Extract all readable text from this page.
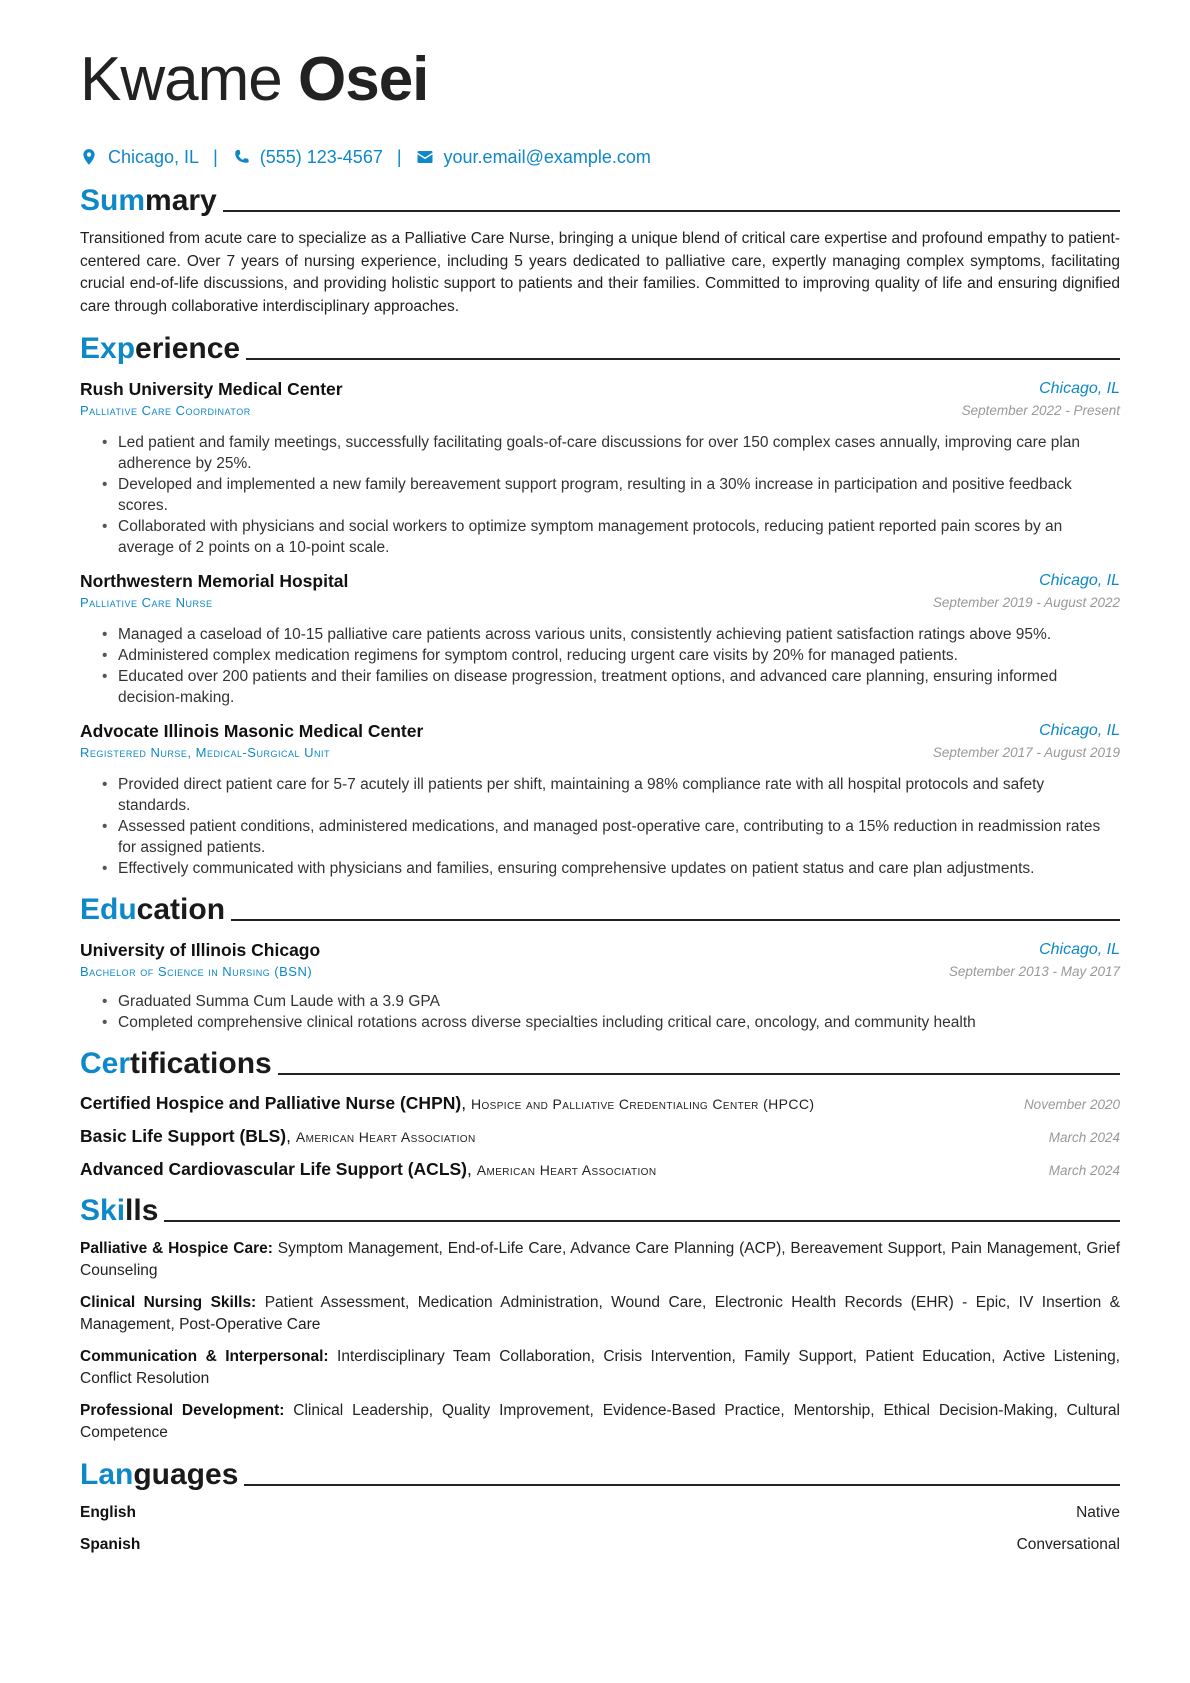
Kwame Osei
Chicago, IL | (555) 123-4567 | your.email@example.com
Summary
Transitioned from acute care to specialize as a Palliative Care Nurse, bringing a unique blend of critical care expertise and profound empathy to patient-centered care. Over 7 years of nursing experience, including 5 years dedicated to palliative care, expertly managing complex symptoms, facilitating crucial end-of-life discussions, and providing holistic support to patients and their families. Committed to improving quality of life and ensuring dignified care through collaborative interdisciplinary approaches.
Experience
Rush University Medical Center	Chicago, IL
Palliative Care Coordinator	September 2022 - Present
• Led patient and family meetings, successfully facilitating goals-of-care discussions for over 150 complex cases annually, improving care plan adherence by 25%.
• Developed and implemented a new family bereavement support program, resulting in a 30% increase in participation and positive feedback scores.
• Collaborated with physicians and social workers to optimize symptom management protocols, reducing patient reported pain scores by an average of 2 points on a 10-point scale.
Northwestern Memorial Hospital	Chicago, IL
Palliative Care Nurse	September 2019 - August 2022
• Managed a caseload of 10-15 palliative care patients across various units, consistently achieving patient satisfaction ratings above 95%.
• Administered complex medication regimens for symptom control, reducing urgent care visits by 20% for managed patients.
• Educated over 200 patients and their families on disease progression, treatment options, and advanced care planning, ensuring informed decision-making.
Advocate Illinois Masonic Medical Center	Chicago, IL
Registered Nurse, Medical-Surgical Unit	September 2017 - August 2019
• Provided direct patient care for 5-7 acutely ill patients per shift, maintaining a 98% compliance rate with all hospital protocols and safety standards.
• Assessed patient conditions, administered medications, and managed post-operative care, contributing to a 15% reduction in readmission rates for assigned patients.
• Effectively communicated with physicians and families, ensuring comprehensive updates on patient status and care plan adjustments.
Education
University of Illinois Chicago	Chicago, IL
Bachelor of Science in Nursing (BSN)	September 2013 - May 2017
• Graduated Summa Cum Laude with a 3.9 GPA
• Completed comprehensive clinical rotations across diverse specialties including critical care, oncology, and community health
Certifications
Certified Hospice and Palliative Nurse (CHPN), Hospice and Palliative Credentialing Center (HPCC)	November 2020
Basic Life Support (BLS), American Heart Association	March 2024
Advanced Cardiovascular Life Support (ACLS), American Heart Association	March 2024
Skills
Palliative & Hospice Care: Symptom Management, End-of-Life Care, Advance Care Planning (ACP), Bereavement Support, Pain Management, Grief Counseling
Clinical Nursing Skills: Patient Assessment, Medication Administration, Wound Care, Electronic Health Records (EHR) - Epic, IV Insertion & Management, Post-Operative Care
Communication & Interpersonal: Interdisciplinary Team Collaboration, Crisis Intervention, Family Support, Patient Education, Active Listening, Conflict Resolution
Professional Development: Clinical Leadership, Quality Improvement, Evidence-Based Practice, Mentorship, Ethical Decision-Making, Cultural Competence
Languages
English	Native
Spanish	Conversational
